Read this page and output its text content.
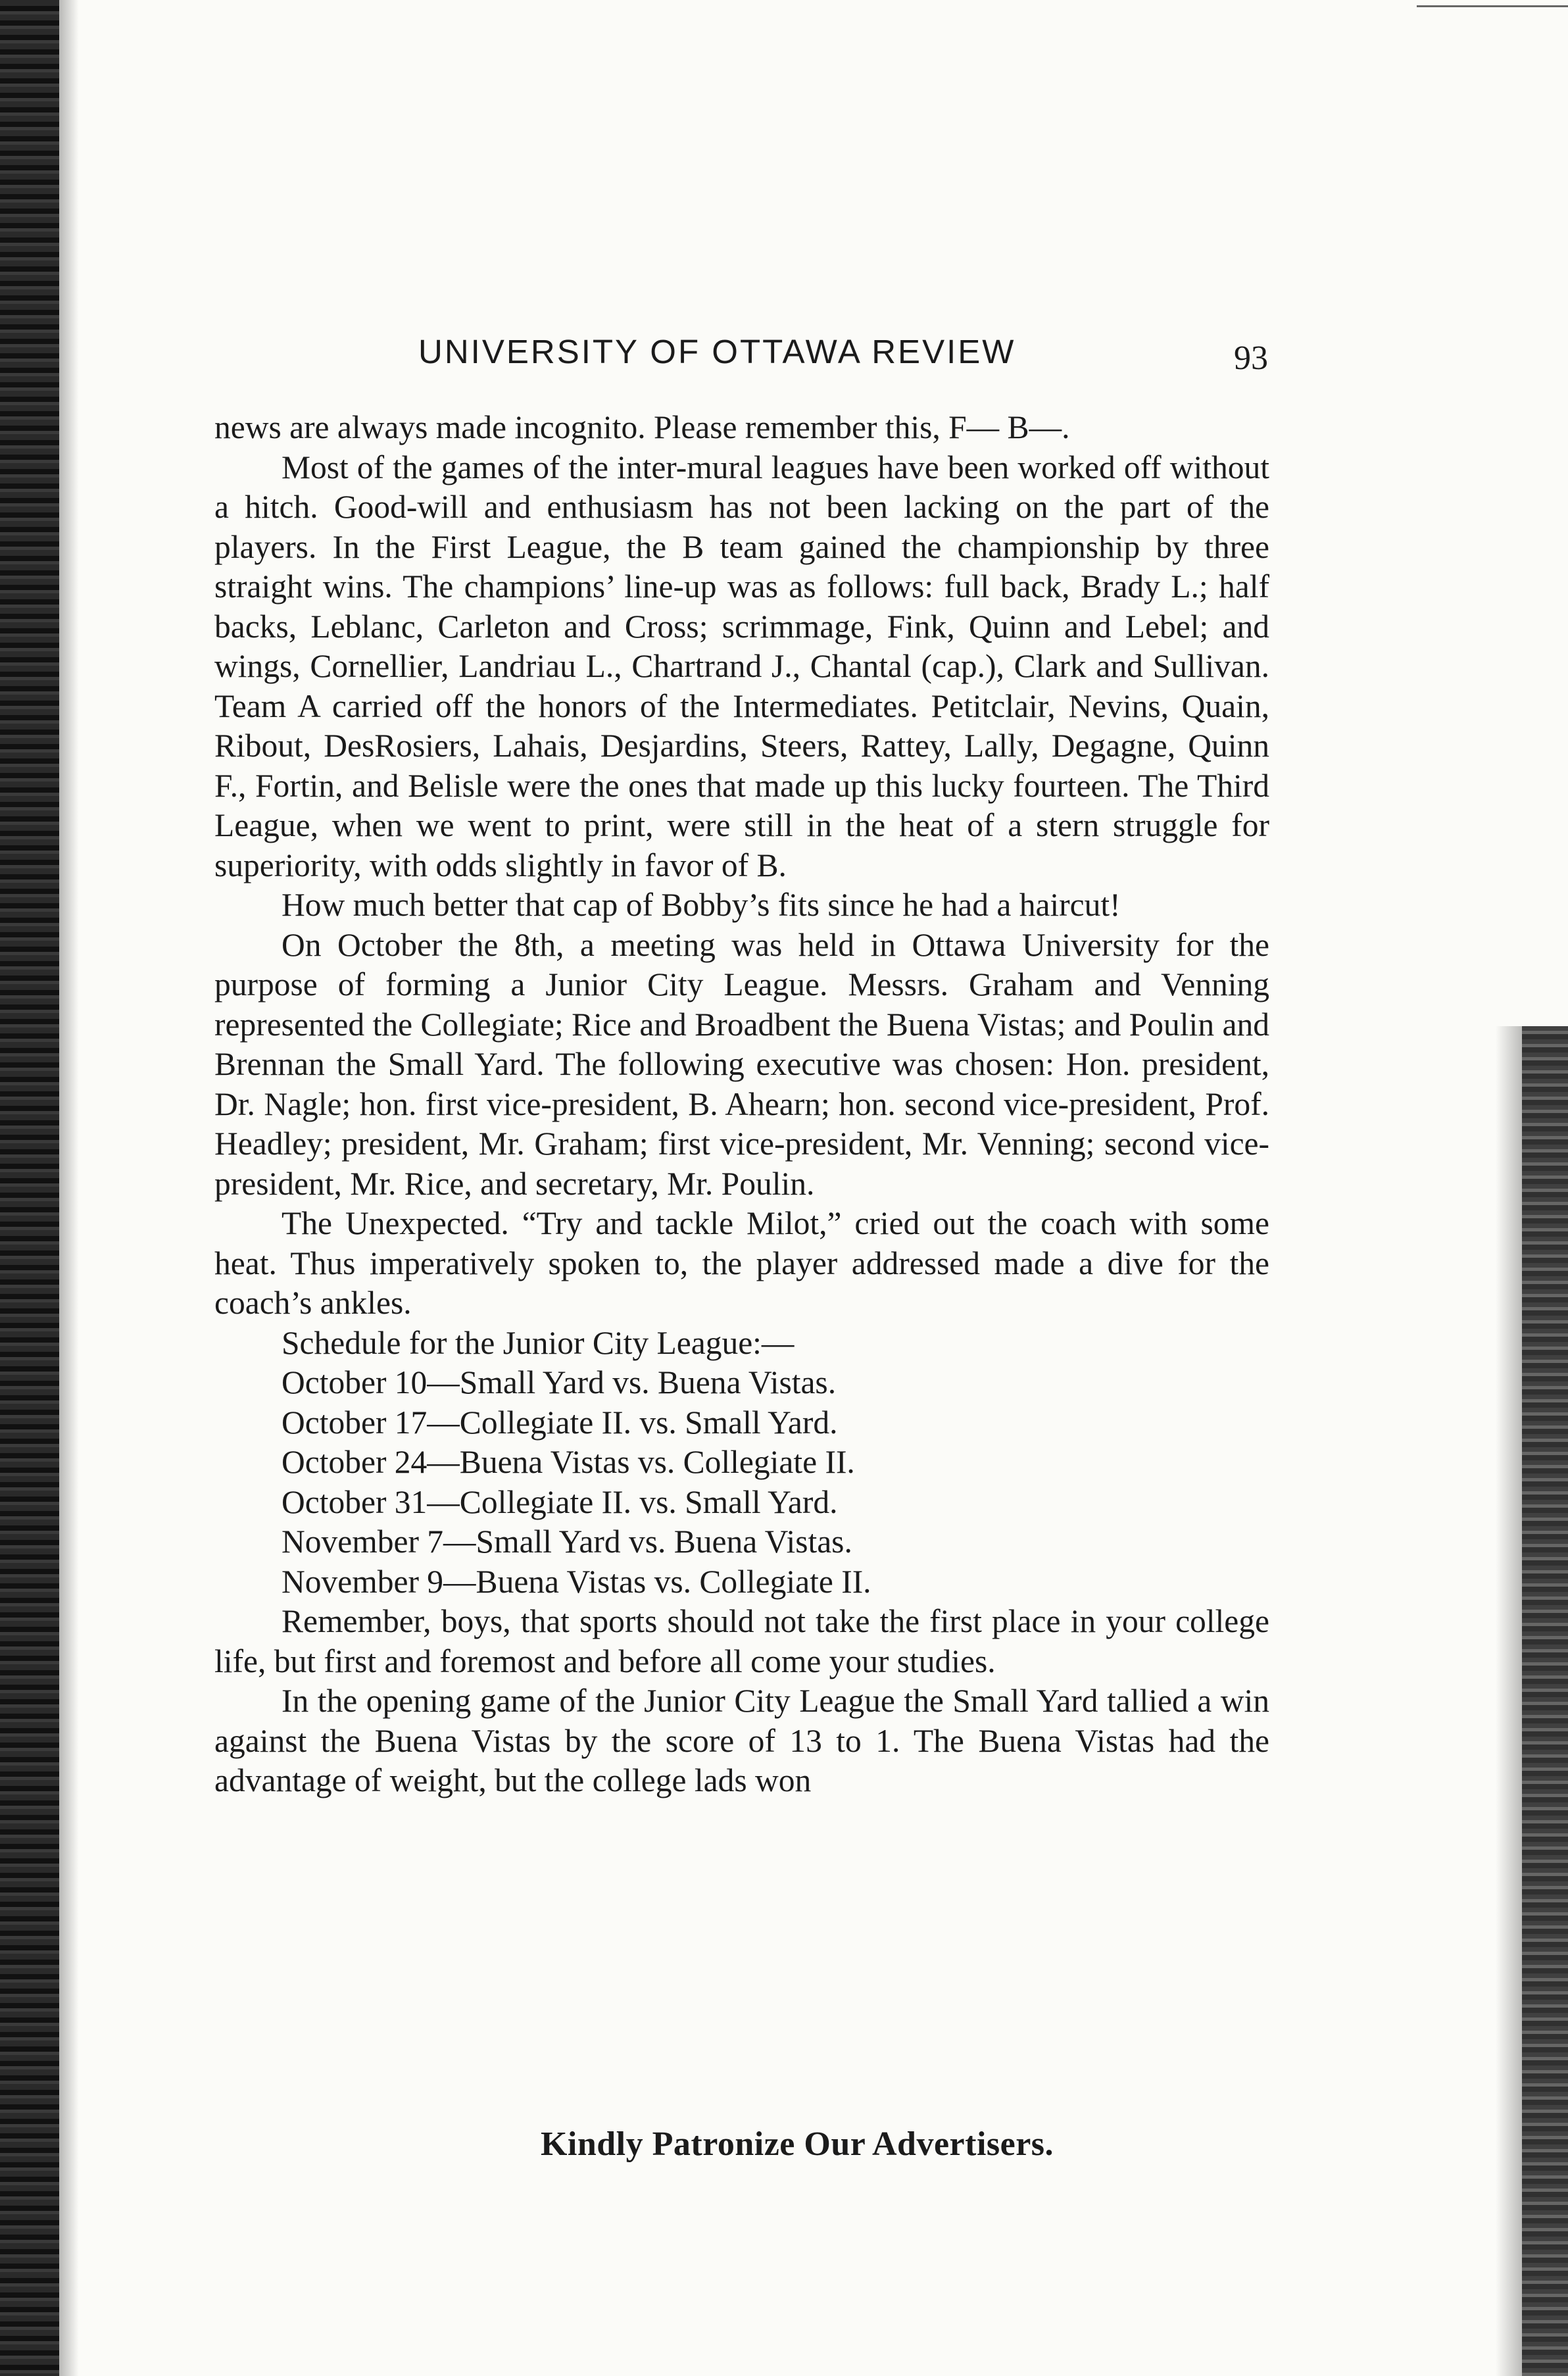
UNIVERSITY OF OTTAWA REVIEW	93

news are always made incognito. Please remember this, F— B—.

Most of the games of the inter-mural leagues have been worked off without a hitch. Good-will and enthusiasm has not been lacking on the part of the players. In the First League, the B team gained the championship by three straight wins. The champions’ line-up was as follows: full back, Brady L.; half backs, Leblanc, Carleton and Cross; scrimmage, Fink, Quinn and Lebel; and wings, Cornellier, Landriau L., Chartrand J., Chantal (cap.), Clark and Sullivan. Team A carried off the honors of the Intermediates. Petitclair, Nevins, Quain, Ribout, DesRosiers, Lahais, Desjardins, Steers, Rattey, Lally, Degagne, Quinn F., Fortin, and Belisle were the ones that made up this lucky fourteen. The Third League, when we went to print, were still in the heat of a stern struggle for superiority, with odds slightly in favor of B.

How much better that cap of Bobby’s fits since he had a haircut!

On October the 8th, a meeting was held in Ottawa University for the purpose of forming a Junior City League. Messrs. Graham and Venning represented the Collegiate; Rice and Broadbent the Buena Vistas; and Poulin and Brennan the Small Yard. The following executive was chosen: Hon. president, Dr. Nagle; hon. first vice-president, B. Ahearn; hon. second vice-president, Prof. Headley; president, Mr. Graham; first vice-president, Mr. Venning; second vice-president, Mr. Rice, and secretary, Mr. Poulin.

The Unexpected. “Try and tackle Milot,” cried out the coach with some heat. Thus imperatively spoken to, the player addressed made a dive for the coach’s ankles.

Schedule for the Junior City League:—

October 10—Small Yard vs. Buena Vistas.

October 17—Collegiate II. vs. Small Yard.

October 24—Buena Vistas vs. Collegiate II.

October 31—Collegiate II. vs. Small Yard.

November 7—Small Yard vs. Buena Vistas.

November 9—Buena Vistas vs. Collegiate II.

Remember, boys, that sports should not take the first place in your college life, but first and foremost and before all come your studies.

In the opening game of the Junior City League the Small Yard tallied a win against the Buena Vistas by the score of 13 to 1. The Buena Vistas had the advantage of weight, but the college lads won

Kindly Patronize Our Advertisers.
